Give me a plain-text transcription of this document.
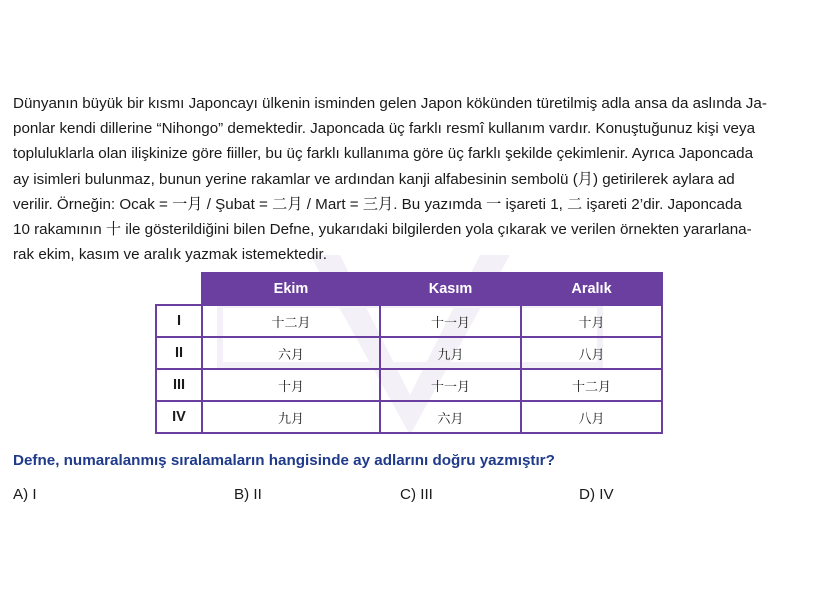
Dünyanın büyük bir kısmı Japoncayı ülkenin isminden gelen Japon kökünden türetilmiş adla ansa da aslında Ja-

ponlar kendi dillerine “Nihongo” demektedir. Japoncada üç farklı resmî kullanım vardır. Konuştuğunuz kişi veya

topluluklarla olan ilişkinize göre fiiller, bu üç farklı kullanıma göre üç farklı şekilde çekimlenir. Ayrıca Japoncada

ay isimleri bulunmaz, bunun yerine rakamlar ve ardından kanji alfabesinin sembolü (月) getirilerek aylara ad

verilir. Örneğin: Ocak = 一月 / Şubat = 二月 / Mart = 三月. Bu yazımda 一 işareti 1, 二 işareti 2’dir. Japoncada

10 rakamının 十 ile gösterildiğini bilen Defne, yukarıdaki bilgilerden yola çıkarak ve verilen örnekten yararlana-

rak ekim, kasım ve aralık yazmak istemektedir.

	Ekim	Kasım	Aralık
I	十二月	十一月	十月
II	六月	九月	八月
III	十月	十一月	十二月
IV	九月	六月	八月
Defne, numaralanmış sıralamaların hangisinde ay adlarını doğru yazmıştır?
A) I	B) II	C) III	D) IV
